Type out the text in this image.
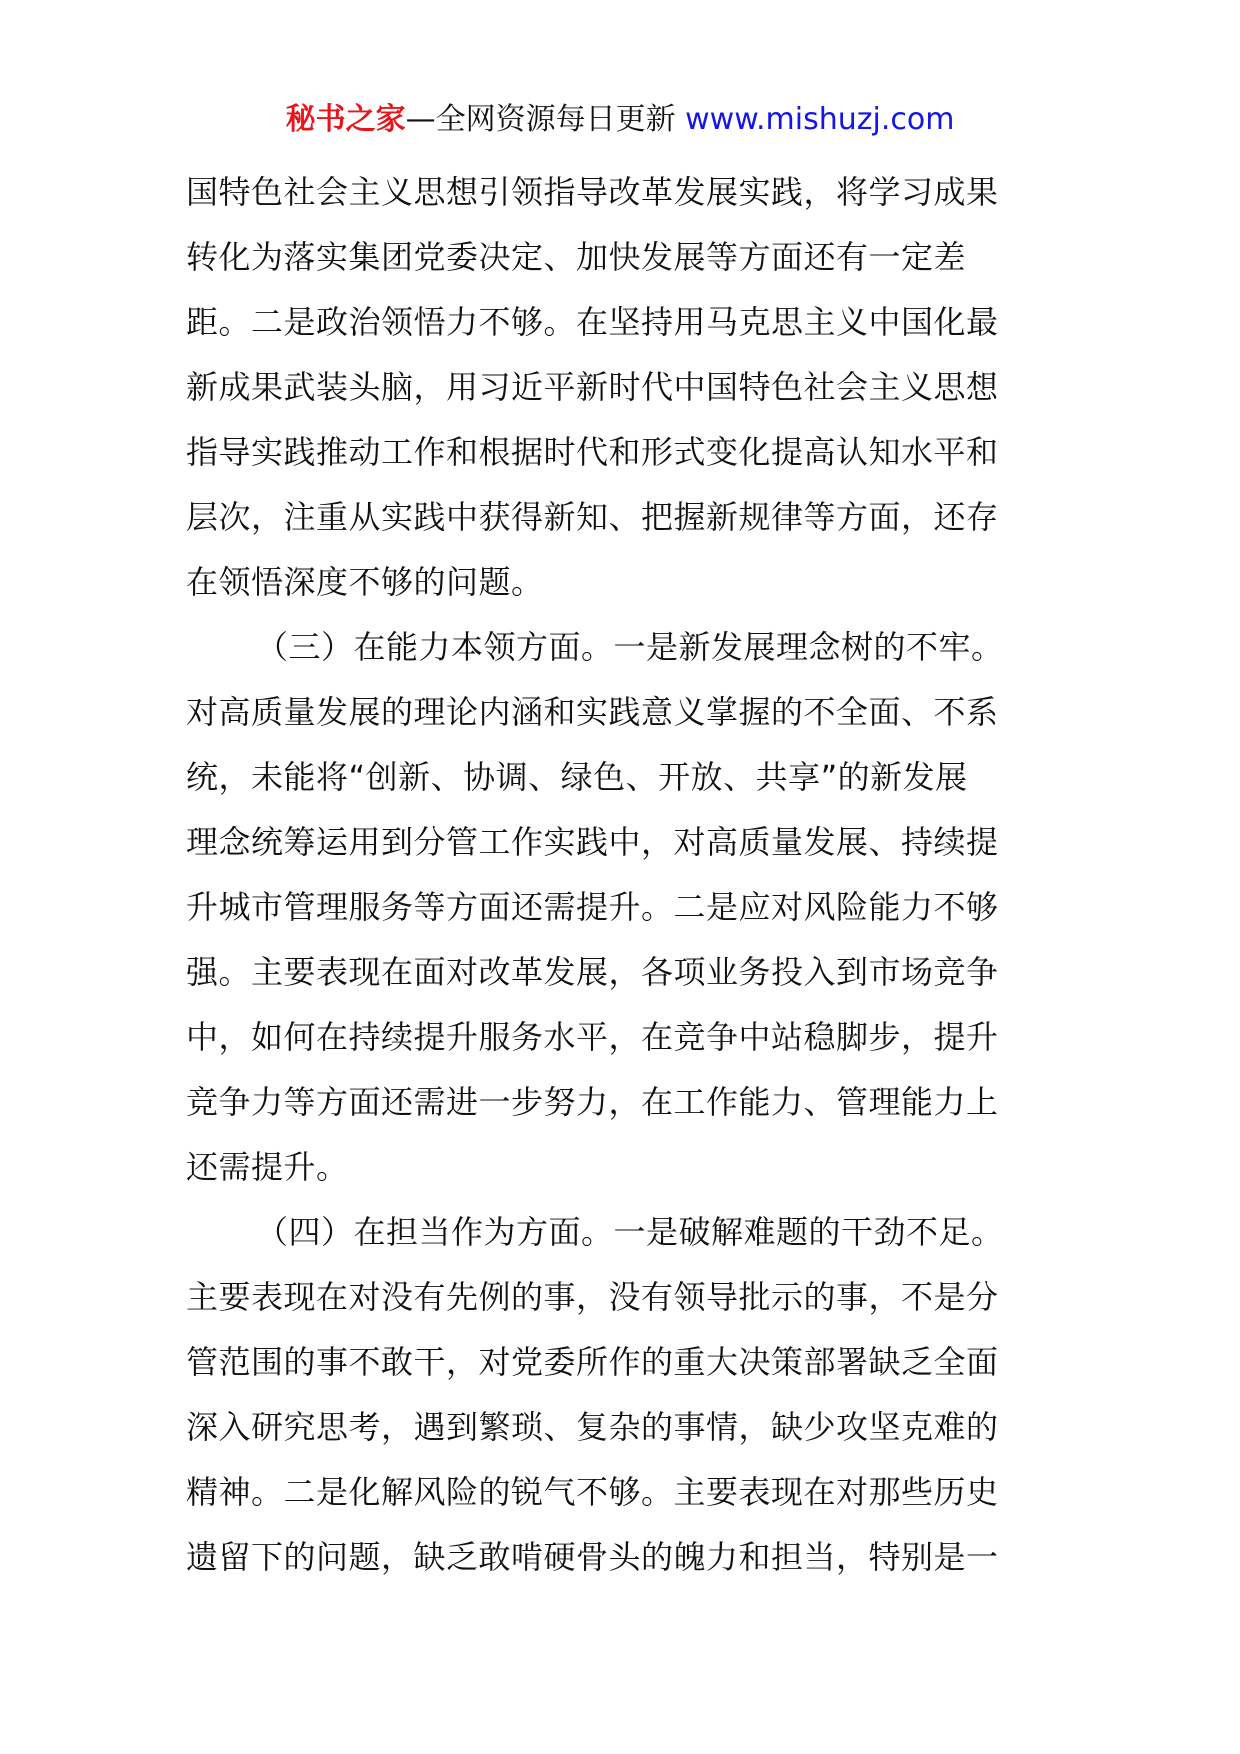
秘书之家—全网资源每日更新 www.mishuzj.com
国特色社会主义思想引领指导改革发展实践，将学习成果
转化为落实集团党委决定、加快发展等方面还有一定差
距。二是政治领悟力不够。在坚持用马克思主义中国化最
新成果武装头脑，用习近平新时代中国特色社会主义思想
指导实践推动工作和根据时代和形式变化提高认知水平和
层次，注重从实践中获得新知、把握新规律等方面，还存
在领悟深度不够的问题。
（三）在能力本领方面。一是新发展理念树的不牢。
对高质量发展的理论内涵和实践意义掌握的不全面、不系
统，未能将“创新、协调、绿色、开放、共享”的新发展
理念统筹运用到分管工作实践中，对高质量发展、持续提
升城市管理服务等方面还需提升。二是应对风险能力不够
强。主要表现在面对改革发展，各项业务投入到市场竞争
中，如何在持续提升服务水平，在竞争中站稳脚步，提升
竞争力等方面还需进一步努力，在工作能力、管理能力上
还需提升。
（四）在担当作为方面。一是破解难题的干劲不足。
主要表现在对没有先例的事，没有领导批示的事，不是分
管范围的事不敢干，对党委所作的重大决策部署缺乏全面
深入研究思考，遇到繁琐、复杂的事情，缺少攻坚克难的
精神。二是化解风险的锐气不够。主要表现在对那些历史
遗留下的问题，缺乏敢啃硬骨头的魄力和担当，特别是一
